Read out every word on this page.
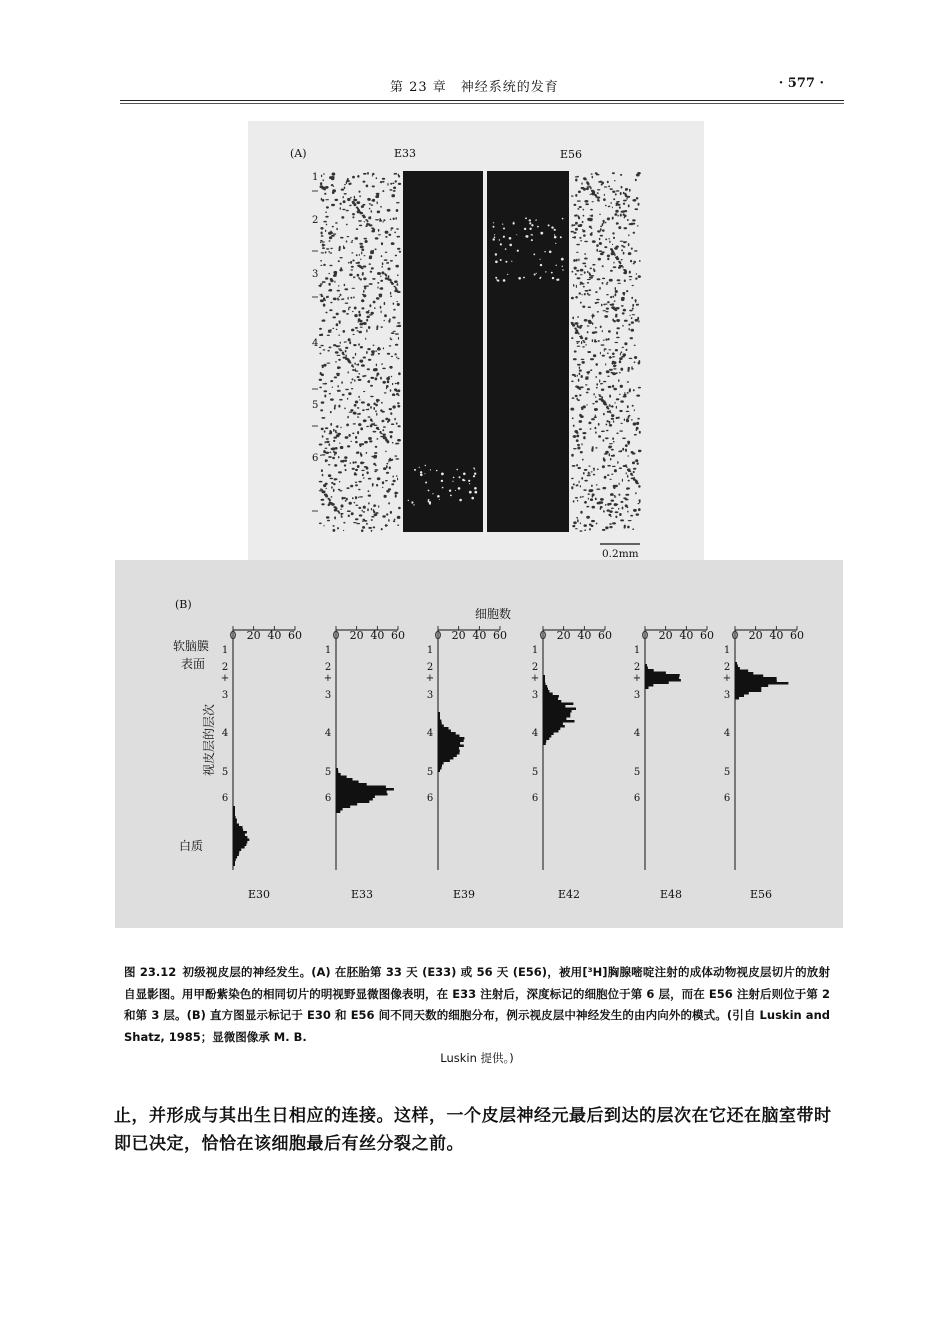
第 23 章　神经系统的发育	· 577 ·
(A)	E33	E56
1
2
3
4
5
6
0.2mm
(B)
细胞数
软脑膜
表面
白质
视皮层的层次
0 20 40 60
1
2
+
3
4
5
6
E30
0 20 40 60
1
2
+
3
4
5
6
E33
0 20 40 60
1
2
+
3
4
5
6
E39
0 20 40 60
1
2
+
3
4
5
6
E42
0 20 40 60
1
2
+
3
4
5
6
E48
0 20 40 60
1
2
+
3
4
5
6
E56
图 23.12 初级视皮层的神经发生。(A) 在胚胎第 33 天 (E33) 或 56 天 (E56)，被用[³H]胸腺嘧啶注射的成体动物视皮层切片的放射自显影图。用甲酚紫染色的相同切片的明视野显微图像表明，在 E33 注射后，深度标记的细胞位于第 6 层，而在 E56 注射后则位于第 2 和第 3 层。(B) 直方图显示标记于 E30 和 E56 间不同天数的细胞分布，例示视皮层中神经发生的由内向外的模式。(引自 Luskin and Shatz, 1985；显微图像承 M. B.
Luskin 提供。)
止，并形成与其出生日相应的连接。这样，一个皮层神经元最后到达的层次在它还在脑室带时即已决定，恰恰在该细胞最后有丝分裂之前。
